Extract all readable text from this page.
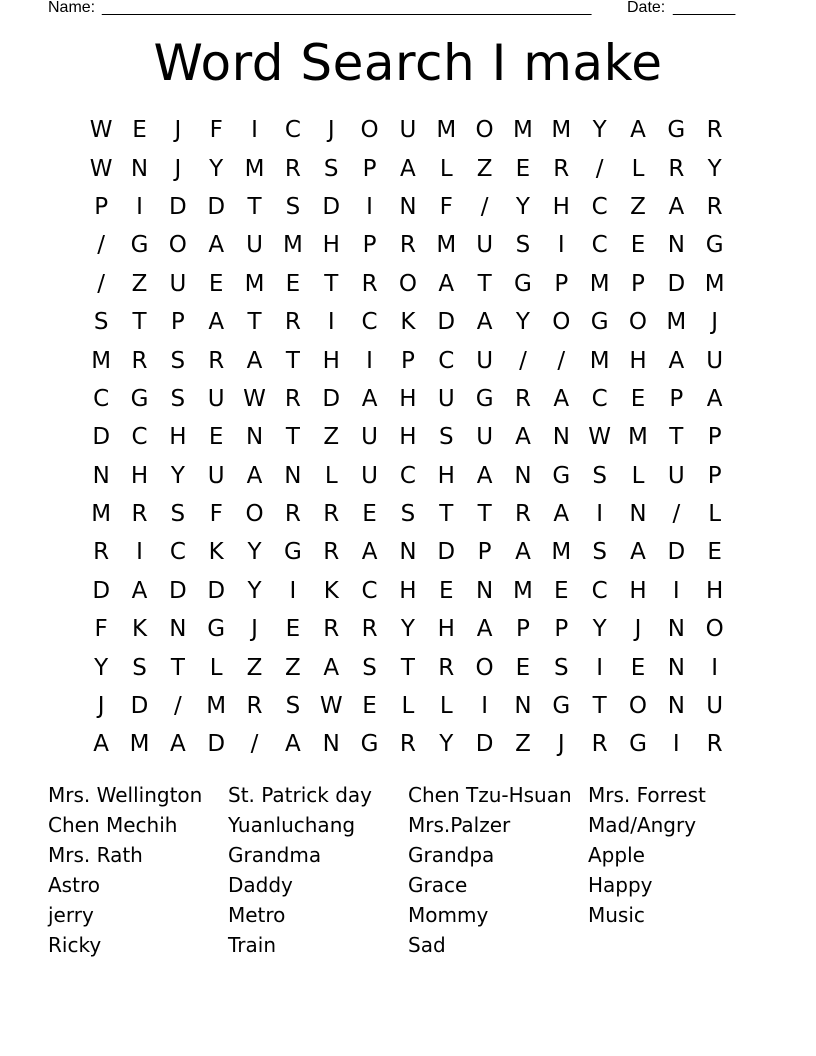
Name: _______________________________________________________ Date: _______
Word Search I make
W E	J	F	I	C	J	O U M O M M Y	A G R
W N	J	Y M R	S	P	A	L	Z	E	R	/	L	R	Y
P	I	D D T	S D	I	N	F	/	Y H C Z A R
/	G O A U M H P	R M U S	I	C	E N G
/	Z U E M E	T	R O A	T G P M P D M
S	T	P	A	T	R	I	C K D A	Y O G O M	J
M R	S	R A	T H	I	P	C U	/	/	M H A U
C G S U W R D A H U G R A C	E	P	A
D C H E N T	Z U H S U A N W M T	P
N H Y U A N	L	U C H A N G S	L	U P
M R	S	F O R R	E	S	T	T	R A	I	N	/	L
R	I	C K	Y G R A N D P	A M S	A D E
D A D D Y	I	K C H E N M E	C H	I	H
F	K N G	J	E	R R	Y H A	P	P	Y	J	N O
Y	S	T	L	Z Z A	S	T	R O E	S	I	E N	I
J	D	/	M R	S W E	L	L	I	N G T O N U
A M A D	/	A N G R	Y D Z	J	R G	I	R
Mrs. Wellington
Chen Mechih
Mrs. Rath
Astro
jerry
Ricky
St. Patrick day
Yuanluchang
Grandma
Daddy
Metro
Train
Chen Tzu-Hsuan
Mrs.Palzer
Grandpa
Grace
Mommy
Sad
Mrs. Forrest
Mad/Angry
Apple
Happy
Music
